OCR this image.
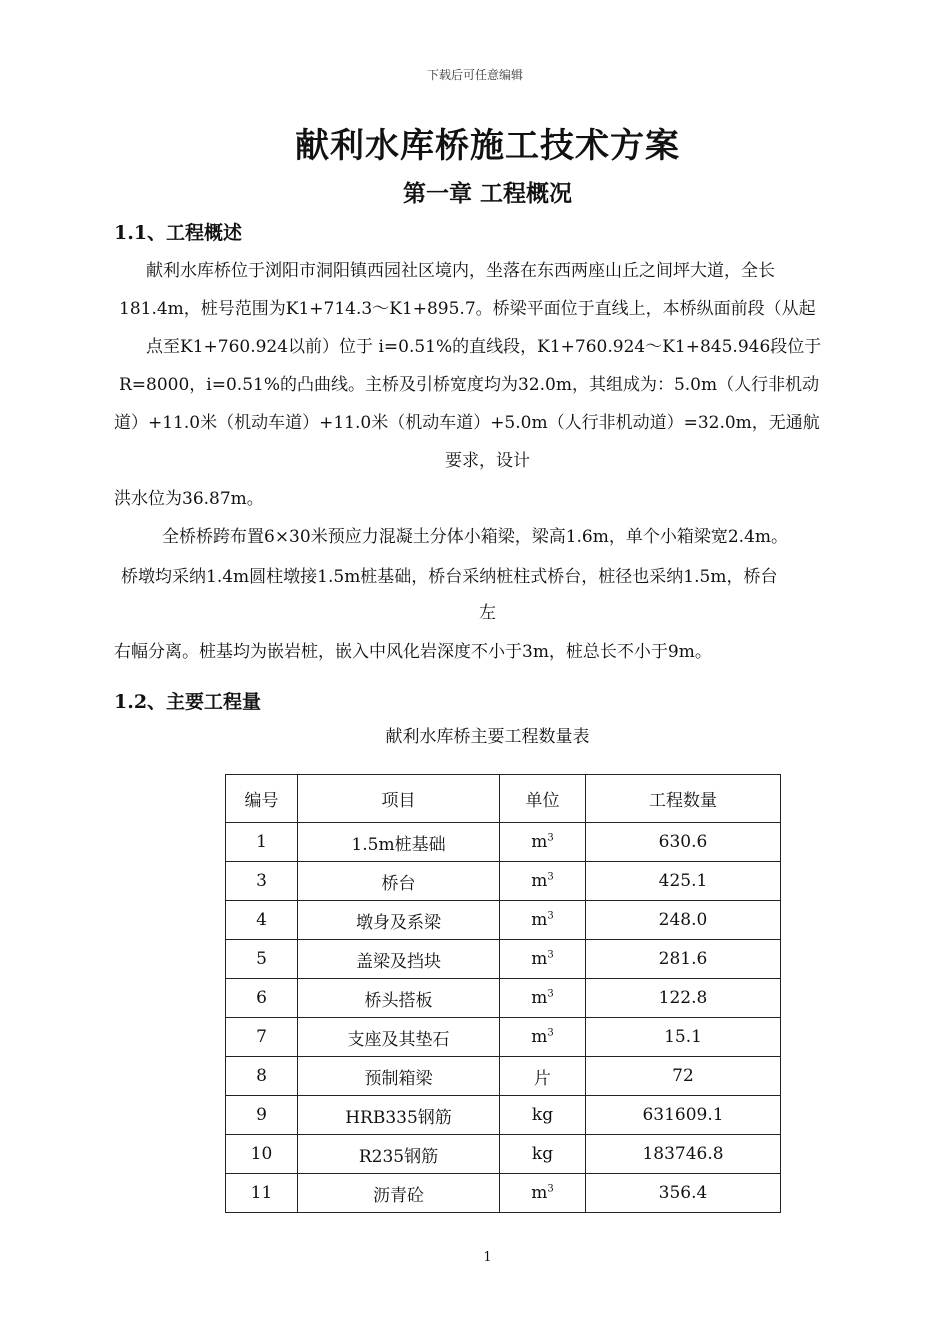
下载后可任意编辑
献利水库桥施工技术方案
第一章 工程概况
1.1、工程概述
献利水库桥位于浏阳市洞阳镇西园社区境内，坐落在东西两座山丘之间坪大道，全长
181.4m，桩号范围为K1+714.3～K1+895.7。桥梁平面位于直线上，本桥纵面前段（从起
点至K1+760.924以前）位于 i=0.51%的直线段，K1+760.924～K1+845.946段位于
R=8000，i=0.51%的凸曲线。主桥及引桥宽度均为32.0m，其组成为：5.0m（人行非机动
道）+11.0米（机动车道）+11.0米（机动车道）+5.0m（人行非机动道）=32.0m，无通航
要求，设计
洪水位为36.87m。
全桥桥跨布置6×30米预应力混凝土分体小箱梁，梁高1.6m，单个小箱梁宽2.4m。
桥墩均采纳1.4m圆柱墩接1.5m桩基础，桥台采纳桩柱式桥台，桩径也采纳1.5m，桥台
左
右幅分离。桩基均为嵌岩桩，嵌入中风化岩深度不小于3m，桩总长不小于9m。
1.2、主要工程量
献利水库桥主要工程数量表
编号	项目	单位	工程数量
1	1.5m桩基础	$m^3$	630.6
3	桥台	$m^3$	425.1
4	墩身及系梁	$m^3$	248.0
5	盖梁及挡块	$m^3$	281.6
6	桥头搭板	$m^3$	122.8
7	支座及其垫石	$m^3$	15.1
8	预制箱梁	片	72
9	HRB335钢筋	kg	631609.1
10	R235钢筋	kg	183746.8
11	沥青砼	$m^3$	356.4
1
